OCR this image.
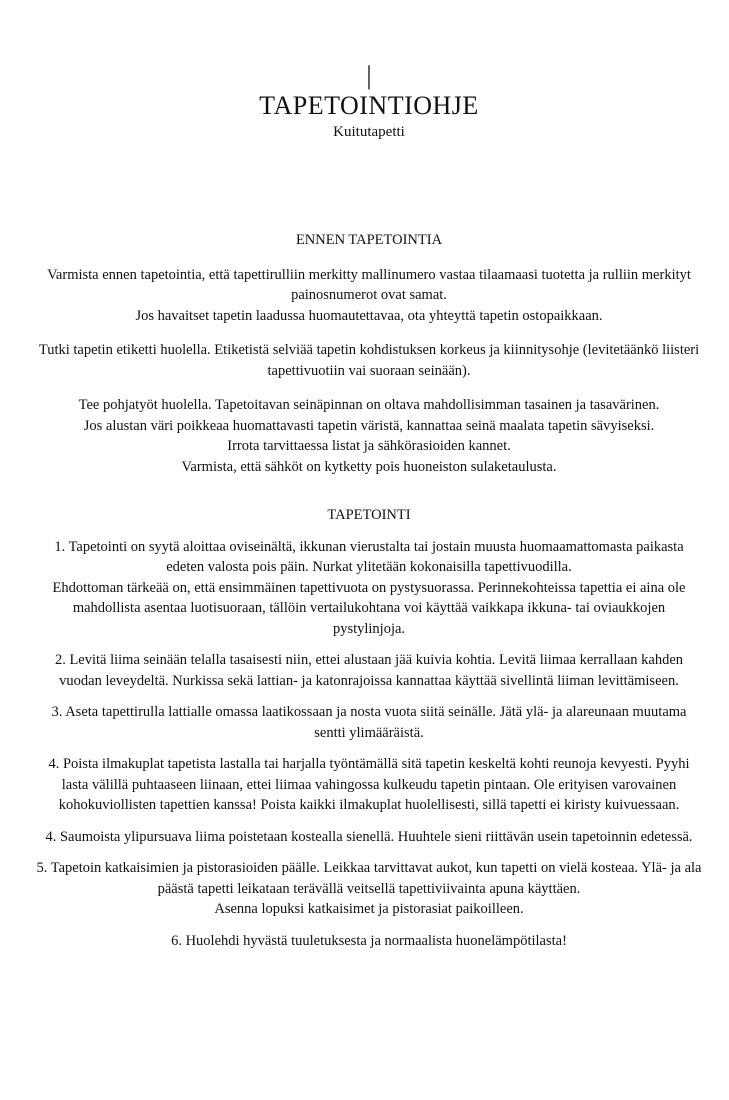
|
TAPETOINTIOHJE
Kuitutapetti
ENNEN TAPETOINTIA
Varmista ennen tapetointia, että tapettirulliin merkitty mallinumero vastaa tilaamaasi tuotetta ja rulliin merkityt painosnumerot ovat samat.
Jos havaitset tapetin laadussa huomautettavaa, ota yhteyttä tapetin ostopaikkaan.
Tutki tapetin etiketti huolella. Etiketistä selviää tapetin kohdistuksen korkeus ja kiinnitysohje (levitetäänkö liisteri tapettivuotiin vai suoraan seinään).
Tee pohjatyöt huolella. Tapetoitavan seinäpinnan on oltava mahdollisimman tasainen ja tasavärinen.
Jos alustan väri poikkeaa huomattavasti tapetin väristä, kannattaa seinä maalata tapetin sävyiseksi.
Irrota tarvittaessa listat ja sähkörasioiden kannet.
Varmista, että sähköt on kytketty pois huoneiston sulaketaulusta.
TAPETOINTI
1. Tapetointi on syytä aloittaa oviseinältä, ikkunan vierustalta tai jostain muusta huomaamattomasta paikasta edeten valosta pois päin. Nurkat ylitetään kokonaisilla tapettivuodilla.
Ehdottoman tärkeää on, että ensimmäinen tapettivuota on pystysuorassa. Perinnekohteissa tapettia ei aina ole mahdollista asentaa luotisuoraan, tällöin vertailukohtana voi käyttää vaikkapa ikkuna- tai oviaukkojen pystylinjoja.
2. Levitä liima seinään telalla tasaisesti niin, ettei alustaan jää kuivia kohtia. Levitä liimaa kerrallaan kahden vuodan leveydeltä. Nurkissa sekä lattian- ja katonrajoissa kannattaa käyttää sivellintä liiman levittämiseen.
3. Aseta tapettirulla lattialle omassa laatikossaan ja nosta vuota siitä seinälle. Jätä ylä- ja alareunaan muutama sentti ylimääräistä.
4. Poista ilmakuplat tapetista lastalla tai harjalla työntämällä sitä tapetin keskeltä kohti reunoja kevyesti. Pyyhi lasta välillä puhtaaseen liinaan, ettei liimaa vahingossa kulkeudu tapetin pintaan. Ole erityisen varovainen kohokuviollisten tapettien kanssa! Poista kaikki ilmakuplat huolellisesti, sillä tapetti ei kiristy kuivuessaan.
4. Saumoista ylipursuava liima poistetaan kostealla sienellä. Huuhtele sieni riittävän usein tapetoinnin edetessä.
5. Tapetoin katkaisimien ja pistorasioiden päälle. Leikkaa tarvittavat aukot, kun tapetti on vielä kosteaa. Ylä- ja ala päästä tapetti leikataan terävällä veitsellä tapettiviivainta apuna käyttäen.
Asenna lopuksi katkaisimet ja pistorasiat paikoilleen.
6. Huolehdi hyvästä tuuletuksesta ja normaalista huonelämpötilasta!
